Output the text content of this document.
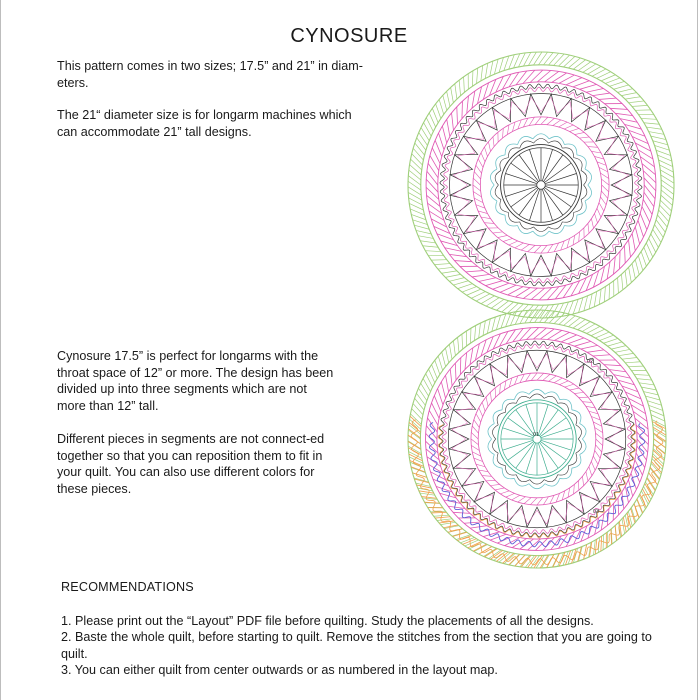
CYNOSURE

This pattern comes in two sizes; 17.5” and 21” in diam-eters.

The 21“ diameter size is for longarm machines which can accommodate 21” tall designs.

Cynosure 17.5” is perfect for longarms with the throat space of 12” or more. The design has been divided up into three segments which are not more than 12” tall.

Different pieces in segments are not connect-ed together so that you can reposition them to fit in your quilt. You can also use different colors for these pieces.

01
02
03
RECOMMENDATIONS
1. Please print out the “Layout” PDF file before quilting. Study the placements of all the designs.
2. Baste the whole quilt, before starting to quilt. Remove the stitches from the section that you are going to quilt.
3. You can either quilt from center outwards or as numbered in the layout map.
